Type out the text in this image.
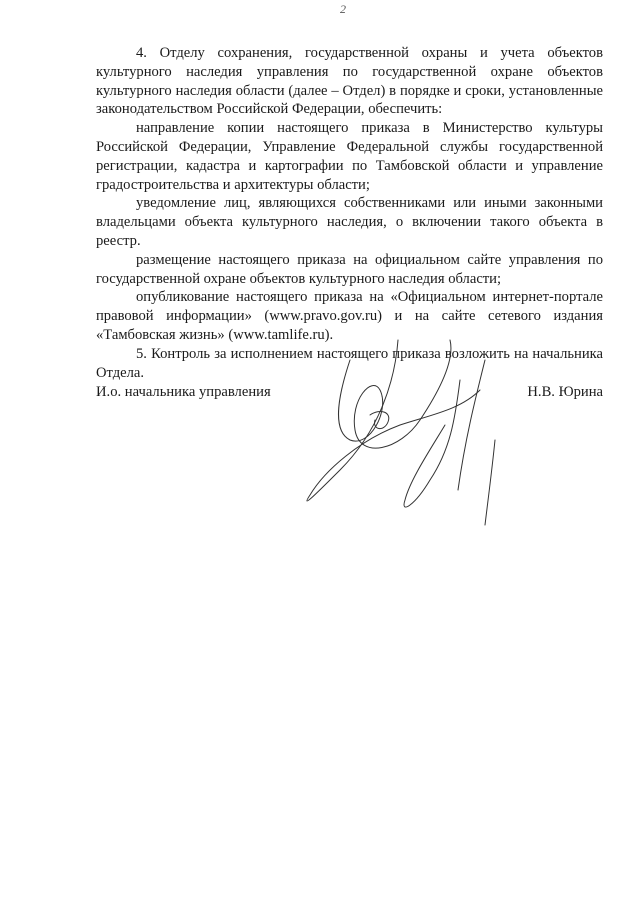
2

4. Отделу сохранения, государственной охраны и учета объектов культурного наследия управления по государственной охране объектов культурного наследия области (далее – Отдел) в порядке и сроки, установленные законодательством Российской Федерации, обеспечить:

направление копии настоящего приказа в Министерство культуры Российской Федерации, Управление Федеральной службы государственной регистрации, кадастра и картографии по Тамбовской области и управление градостроительства и архитектуры области;

уведомление лиц, являющихся собственниками или иными законными владельцами объекта культурного наследия, о включении такого объекта в реестр.

размещение настоящего приказа на официальном сайте управления по государственной охране объектов культурного наследия области;

опубликование настоящего приказа на «Официальном интернет-портале правовой информации» (www.pravo.gov.ru) и на сайте сетевого издания «Тамбовская жизнь» (www.tamlife.ru).

5. Контроль за исполнением настоящего приказа возложить на начальника Отдела.

И.о. начальника управления	Н.В. Юрина
